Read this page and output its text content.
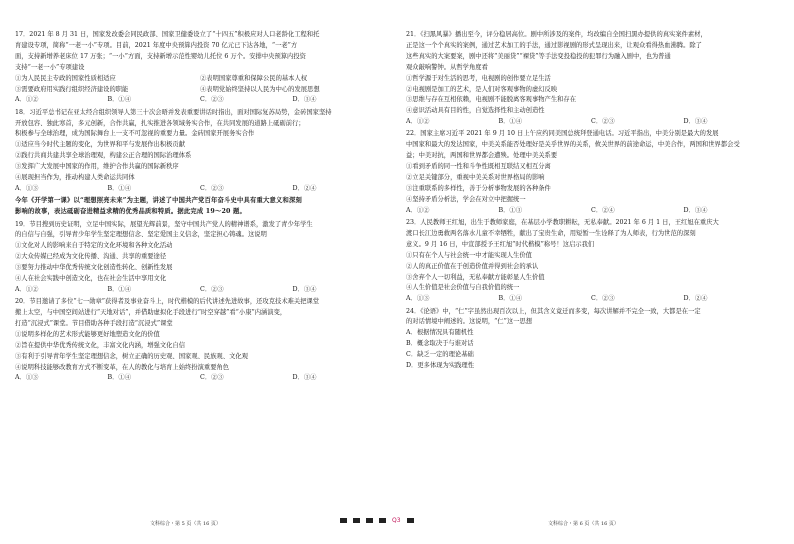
17．2021 年 8 月 31 日，国家发改委会同民政部、国家卫健委设立了“十四五”积极应对人口老龄化工程和托

育建设专项，简称“一老一小”专项。目前，2021 年度中央预算内投资 70 亿元已下达各地，“一老”方

面，支持新增养老床位 17 万张；“一小”方面，支持新增示范性婴幼儿托位 6 万个。安排中央预算内投资

支持“一老一小”专项建设

①为人民民主专政的国家性质相适应	②表明国家尊重和保障公民的基本人权
③需要政府用实践行组织经济建设的职能	④表明党始终坚持以人民为中心的发展思想
A．①②	B．①④	C．②③	D．③④

18．习近平总书记在亚太经合组织领导人第三十次会晤并发表重要讲话时指出，面对国际复苏局势，金砖国家坚持

开放包容、独此寒首，多元创新，合作共赢，扎实推进各领域务实合作，在共同发展的道路上砥砺前行；

积极参与全球治理，成为国际舞台上一支不可忽视的重要力量。金砖国家开展务实合作

①适应当今时代主题的变化，为世界和平与发展作出积极贡献

②践行共商共建共享全球治理观，构建公正合理的国际治理体系

③发挥广大发展中国家的作用，维护合作共赢的国际新秩序

④展现担当作为，推动构建人类命运共同体

A．①③	B．①④	C．②③	D．②④

今年《开学第一课》以“理想照亮未来”为主题，讲述了中国共产党百年奋斗史中具有重大意义和深刻

影响的故事，表达砥砺奋进精益求精的优秀品质和特质。据此完成 19～20 题。

19．节目搜到历史证明，立足中国实际，展望光辉前景，坚守中国共产党人的精神谱系，激发了青少年学生

的自信与自强，引导青少年学生坚定理想信念、坚定爱国主义信念，坚定担心铸魂。这说明

①文化对人的影响来自于特定的文化环境和各种文化活动

②大众传媒已经成为文化传播、沟通、共享的重要途径

③要努力推动中华优秀传统文化创造性转化、创新性发展

④人在社会实践中创造文化，也在社会生活中享用文化

A．①②	B．①④	C．②③	D．③④

20．节目邀请了多位“七一勋章”获得者及事业奋斗上，时代楷模的后代讲述先进故事，还攻克技术难关把课堂

搬上太空，与中国空间站进行“天地对话”，并借助虚拟化手段进行“时空穿越”看“小康”内涵演变，

打造“沉浸式”课堂。节目借助各种手段打造“沉浸式”课堂

①说明多样化的艺术形式能够更好地塑造文化的价值

②旨在提供中华优秀传统文化，丰富文化内涵，增强文化自信

③有利于引导青年学生坚定理想信念，树立正确的历史观、国家观、民族观、文化观

④说明科技能够改教育方式不断变革，在人的教化与培育上始终扮演重要角色

A．①③	B．①④	C．②③	D．③④

21．《扫黑风暴》播出至今，评分稳居高位。剧中所涉及的案件，均改编自全国扫黑办提供的真实案件素材，

正是这一个个真实的案例，通过艺术加工的手法，通过影视剧的形式呈现出来，让观众看得热血沸腾。除了

这些真实的大案要案，剧中还将“美丽贷”“裸贷”等手法变投稳投的犯罪行为融入剧中，也为普通

观众敲响警钟。从哲学角度看

①哲学源于对生活的思考，电视剧的创作要立足生活

②电视剧是加工的艺术，是人们对客观事物的虚幻反映

③思维与存在互相依赖，电视剧不能脱离客观事物产生和存在

④意识活动具有目的性，自觉选择性和主动创造性

A．①②	B．①④	C．②③	D．③④

22．国家主席习近平 2021 年 9 月 10 日上午应约同美国总统拜登通电话。习近平指出，中美分别是最大的发展

中国家和最大的发达国家，中美关系能否处理好是关乎世界的关系，攸关世界的前途命运，中美合作，两国和世界都会受

益；中美对抗，两国和世界都会遭殃。处理中美关系要

①看到矛盾的同一性和斗争性既相互联结又相互分离

②立足关键部分，重视中美关系对世界格局的影响

③注重联系的多样性，善于分析事物发展的各种条件

④坚持矛盾分析法，学会在对立中把握统一

A．①②	B．①③	C．②④	D．③④

23．人民教师王红旭，出生于教师家庭，在基层小学教职耕耘，无私奉献。2021 年 6 月 1 日，王红旭在重庆大

渡口长江边勇救两名落水儿童不幸牺牲，献出了宝贵生命，用短暂一生诠释了为人师表，行为世范的深刻

意义。9 月 16 日，中宣部授予王红旭“时代楷模”称号！这启示我们

①只有在个人与社会统一中才能实现人生价值

②人的真正价值在于创造价值并得到社会的承认

③舍弃个人一切利益，无私奉献方能彰显人生价值

④人生价值是社会价值与自我价值的统一

A．①③	B．①④	C．②③	D．②④

24．《论语》中，“仁”字虽然出现百次以上，但其含义竟迁而多变，每次讲解并不完全一致，大都是在一定

的对话情境中阐述的。这说明，“仁”这一思想

A．根据情况具有随机性

B．概念取决于与谁对话

C．缺乏一定的理论基础

D．更多体现为实践理性

文科综合・第 5 页（共 16 页）	Q3	文科综合・第 6 页（共 16 页）
